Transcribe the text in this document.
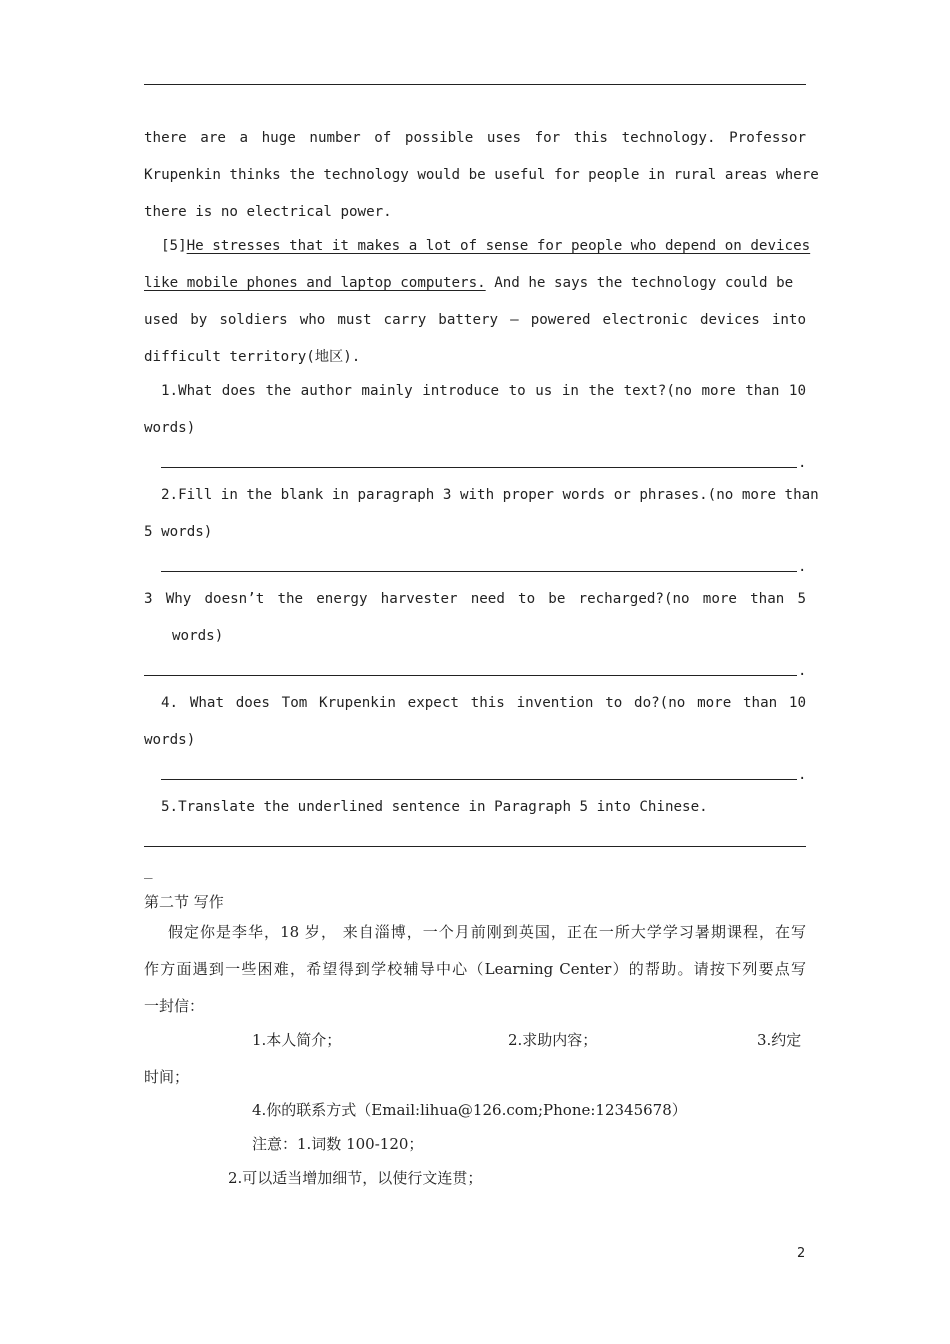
there are a huge number of possible uses for this technology. Professor
Krupenkin thinks the technology would be useful for people in rural areas where
there is no electrical power.
[5]He stresses that it makes a lot of sense for people who depend on devices
like mobile phones and laptop computers. And he says the technology could be
used by soldiers who must carry battery – powered electronic devices into
difficult territory(地区).
1.What does the author mainly introduce to us in the text?(no more than 10
words)
.
2.Fill in the blank in paragraph 3 with proper words or phrases.(no more than
5 words)
.
3 Why doesn’t the energy harvester need to be recharged?(no more than 5
words)
.
4. What does Tom Krupenkin expect this invention to do?(no more than 10
words)
.
5.Translate the underlined sentence in Paragraph 5 into Chinese.
_
第二节 写作
假定你是李华，18 岁， 来自淄博，一个月前刚到英国，正在一所大学学习暑期课程，在写
作方面遇到一些困难，希望得到学校辅导中心（Learning Center）的帮助。请按下列要点写
一封信：
1.本人简介；	2.求助内容；	3.约定
时间；
4.你的联系方式（Email:lihua@126.com;Phone:12345678）
注意：1.词数 100-120；
2.可以适当增加细节，以使行文连贯；
2
